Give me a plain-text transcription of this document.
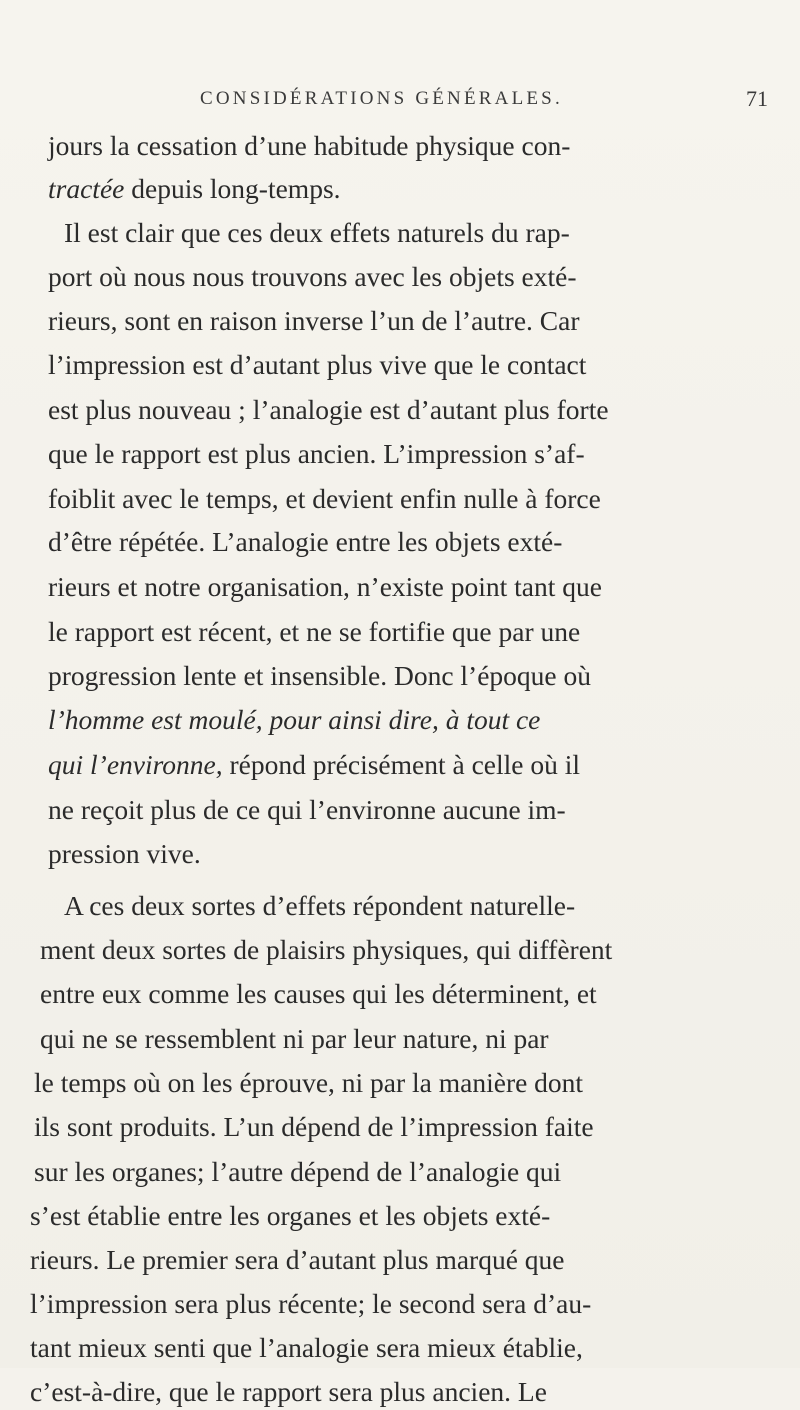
CONSIDÉRATIONS GÉNÉRALES.	71
jours la cessation d’une habitude physique con-
tractée depuis long-temps.
Il est clair que ces deux effets naturels du rap-
port où nous nous trouvons avec les objets exté-
rieurs, sont en raison inverse l’un de l’autre. Car
l’impression est d’autant plus vive que le contact
est plus nouveau ; l’analogie est d’autant plus forte
que le rapport est plus ancien. L’impression s’af-
foiblit avec le temps, et devient enfin nulle à force
d’être répétée. L’analogie entre les objets exté-
rieurs et notre organisation, n’existe point tant que
le rapport est récent, et ne se fortifie que par une
progression lente et insensible. Donc l’époque où
l’homme est moulé, pour ainsi dire, à tout ce
qui l’environne, répond précisément à celle où il
ne reçoit plus de ce qui l’environne aucune im-
pression vive.
A ces deux sortes d’effets répondent naturelle-
ment deux sortes de plaisirs physiques, qui diffèrent
entre eux comme les causes qui les déterminent, et
qui ne se ressemblent ni par leur nature, ni par
le temps où on les éprouve, ni par la manière dont
ils sont produits. L’un dépend de l’impression faite
sur les organes; l’autre dépend de l’analogie qui
s’est établie entre les organes et les objets exté-
rieurs. Le premier sera d’autant plus marqué que
l’impression sera plus récente; le second sera d’au-
tant mieux senti que l’analogie sera mieux établie,
c’est-à-dire, que le rapport sera plus ancien. Le
